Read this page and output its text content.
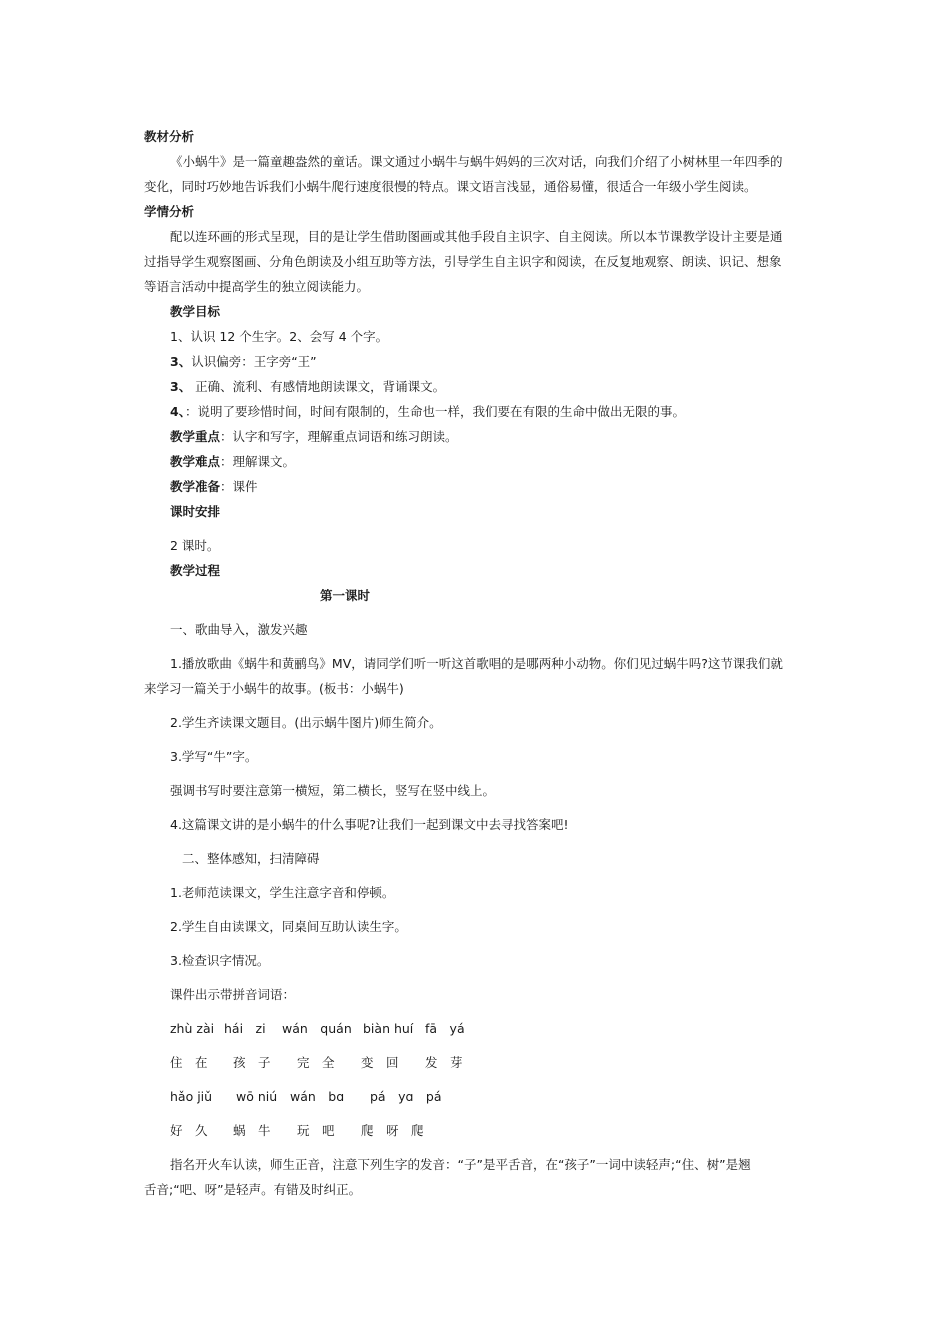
教材分析
《小蜗牛》是一篇童趣盎然的童话。课文通过小蜗牛与蜗牛妈妈的三次对话，向我们介绍了小树林里一年四季的
变化，同时巧妙地告诉我们小蜗牛爬行速度很慢的特点。课文语言浅显，通俗易懂，很适合一年级小学生阅读。
学情分析
配以连环画的形式呈现，目的是让学生借助图画或其他手段自主识字、自主阅读。所以本节课教学设计主要是通
过指导学生观察图画、分角色朗读及小组互助等方法，引导学生自主识字和阅读，在反复地观察、朗读、识记、想象
等语言活动中提高学生的独立阅读能力。
教学目标
1、认识 12 个生字。2、会写 4 个字。
3、认识偏旁：王字旁“王”
3、 正确、流利、有感情地朗读课文，背诵课文。
4、：说明了要珍惜时间，时间有限制的，生命也一样，我们要在有限的生命中做出无限的事。
教学重点：认字和写字，理解重点词语和练习朗读。
教学难点：理解课文。
教学准备：课件
课时安排
2 课时。
教学过程
第一课时
一、歌曲导入，激发兴趣
1.播放歌曲《蜗牛和黄鹂鸟》MV，请同学们听一听这首歌唱的是哪两种小动物。你们见过蜗牛吗?这节课我们就
来学习一篇关于小蜗牛的故事。(板书：小蜗牛)
2.学生齐读课文题目。(出示蜗牛图片)师生简介。
3.学写“牛”字。
强调书写时要注意第一横短，第二横长，竖写在竖中线上。
4.这篇课文讲的是小蜗牛的什么事呢?让我们一起到课文中去寻找答案吧!
二、整体感知，扫清障碍
1.老师范读课文，学生注意字音和停顿。
2.学生自由读课文，同桌间互助认读生字。
3.检查识字情况。
课件出示带拼音词语：
zhù zài hái　zi wán　quán biàn huí fā　yá
住　在 孩　子 完　全 变　回 发　芽
hǎo jiǔ wō niú wán　bɑ pá　yɑ　pá
好　久 蜗　牛 玩　吧 爬　呀　爬
指名开火车认读，师生正音，注意下列生字的发音：“子”是平舌音，在“孩子”一词中读轻声;“住、树”是翘
舌音;“吧、呀”是轻声。有错及时纠正。
